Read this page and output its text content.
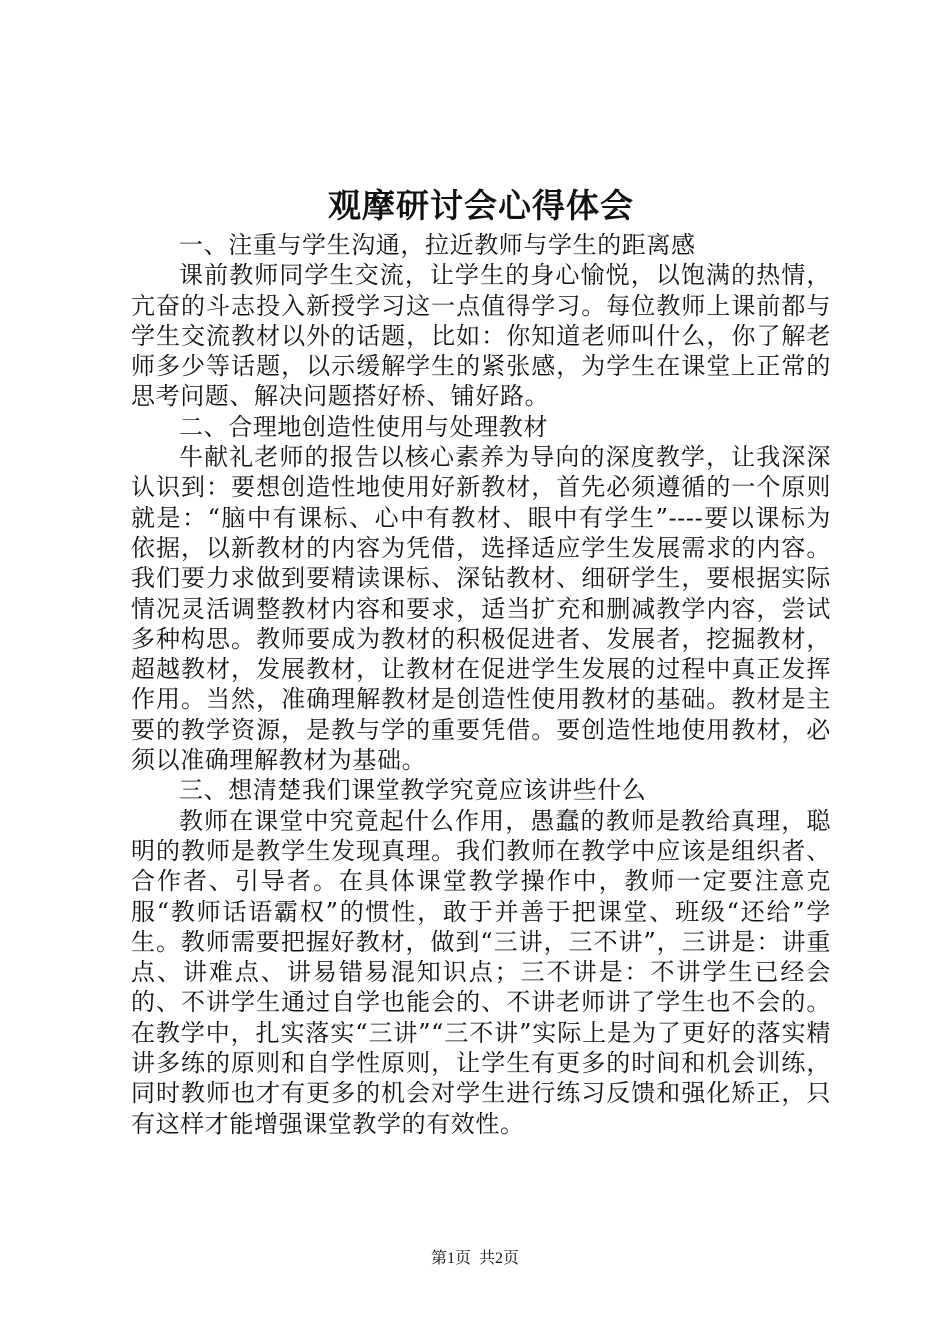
观摩研讨会心得体会

一、注重与学生沟通，拉近教师与学生的距离感

课前教师同学生交流，让学生的身心愉悦，以饱满的热情，亢奋的斗志投入新授学习这一点值得学习。每位教师上课前都与学生交流教材以外的话题，比如：你知道老师叫什么，你了解老师多少等话题，以示缓解学生的紧张感，为学生在课堂上正常的思考问题、解决问题搭好桥、铺好路。

二、合理地创造性使用与处理教材

牛献礼老师的报告以核心素养为导向的深度教学，让我深深认识到：要想创造性地使用好新教材，首先必须遵循的一个原则就是：“脑中有课标、心中有教材、眼中有学生”----要以课标为依据，以新教材的内容为凭借，选择适应学生发展需求的内容。我们要力求做到要精读课标、深钻教材、细研学生，要根据实际情况灵活调整教材内容和要求，适当扩充和删减教学内容，尝试多种构思。教师要成为教材的积极促进者、发展者，挖掘教材，超越教材，发展教材，让教材在促进学生发展的过程中真正发挥作用。当然，准确理解教材是创造性使用教材的基础。教材是主要的教学资源，是教与学的重要凭借。要创造性地使用教材，必须以准确理解教材为基础。

三、想清楚我们课堂教学究竟应该讲些什么

教师在课堂中究竟起什么作用，愚蠢的教师是教给真理，聪明的教师是教学生发现真理。我们教师在教学中应该是组织者、合作者、引导者。在具体课堂教学操作中，教师一定要注意克服“教师话语霸权”的惯性，敢于并善于把课堂、班级“还给”学生。教师需要把握好教材，做到“三讲，三不讲”，三讲是：讲重点、讲难点、讲易错易混知识点；三不讲是：不讲学生已经会的、不讲学生通过自学也能会的、不讲老师讲了学生也不会的。在教学中，扎实落实“三讲”“三不讲”实际上是为了更好的落实精讲多练的原则和自学性原则，让学生有更多的时间和机会训练，同时教师也才有更多的机会对学生进行练习反馈和强化矫正，只有这样才能增强课堂教学的有效性。

第1页 共2页
